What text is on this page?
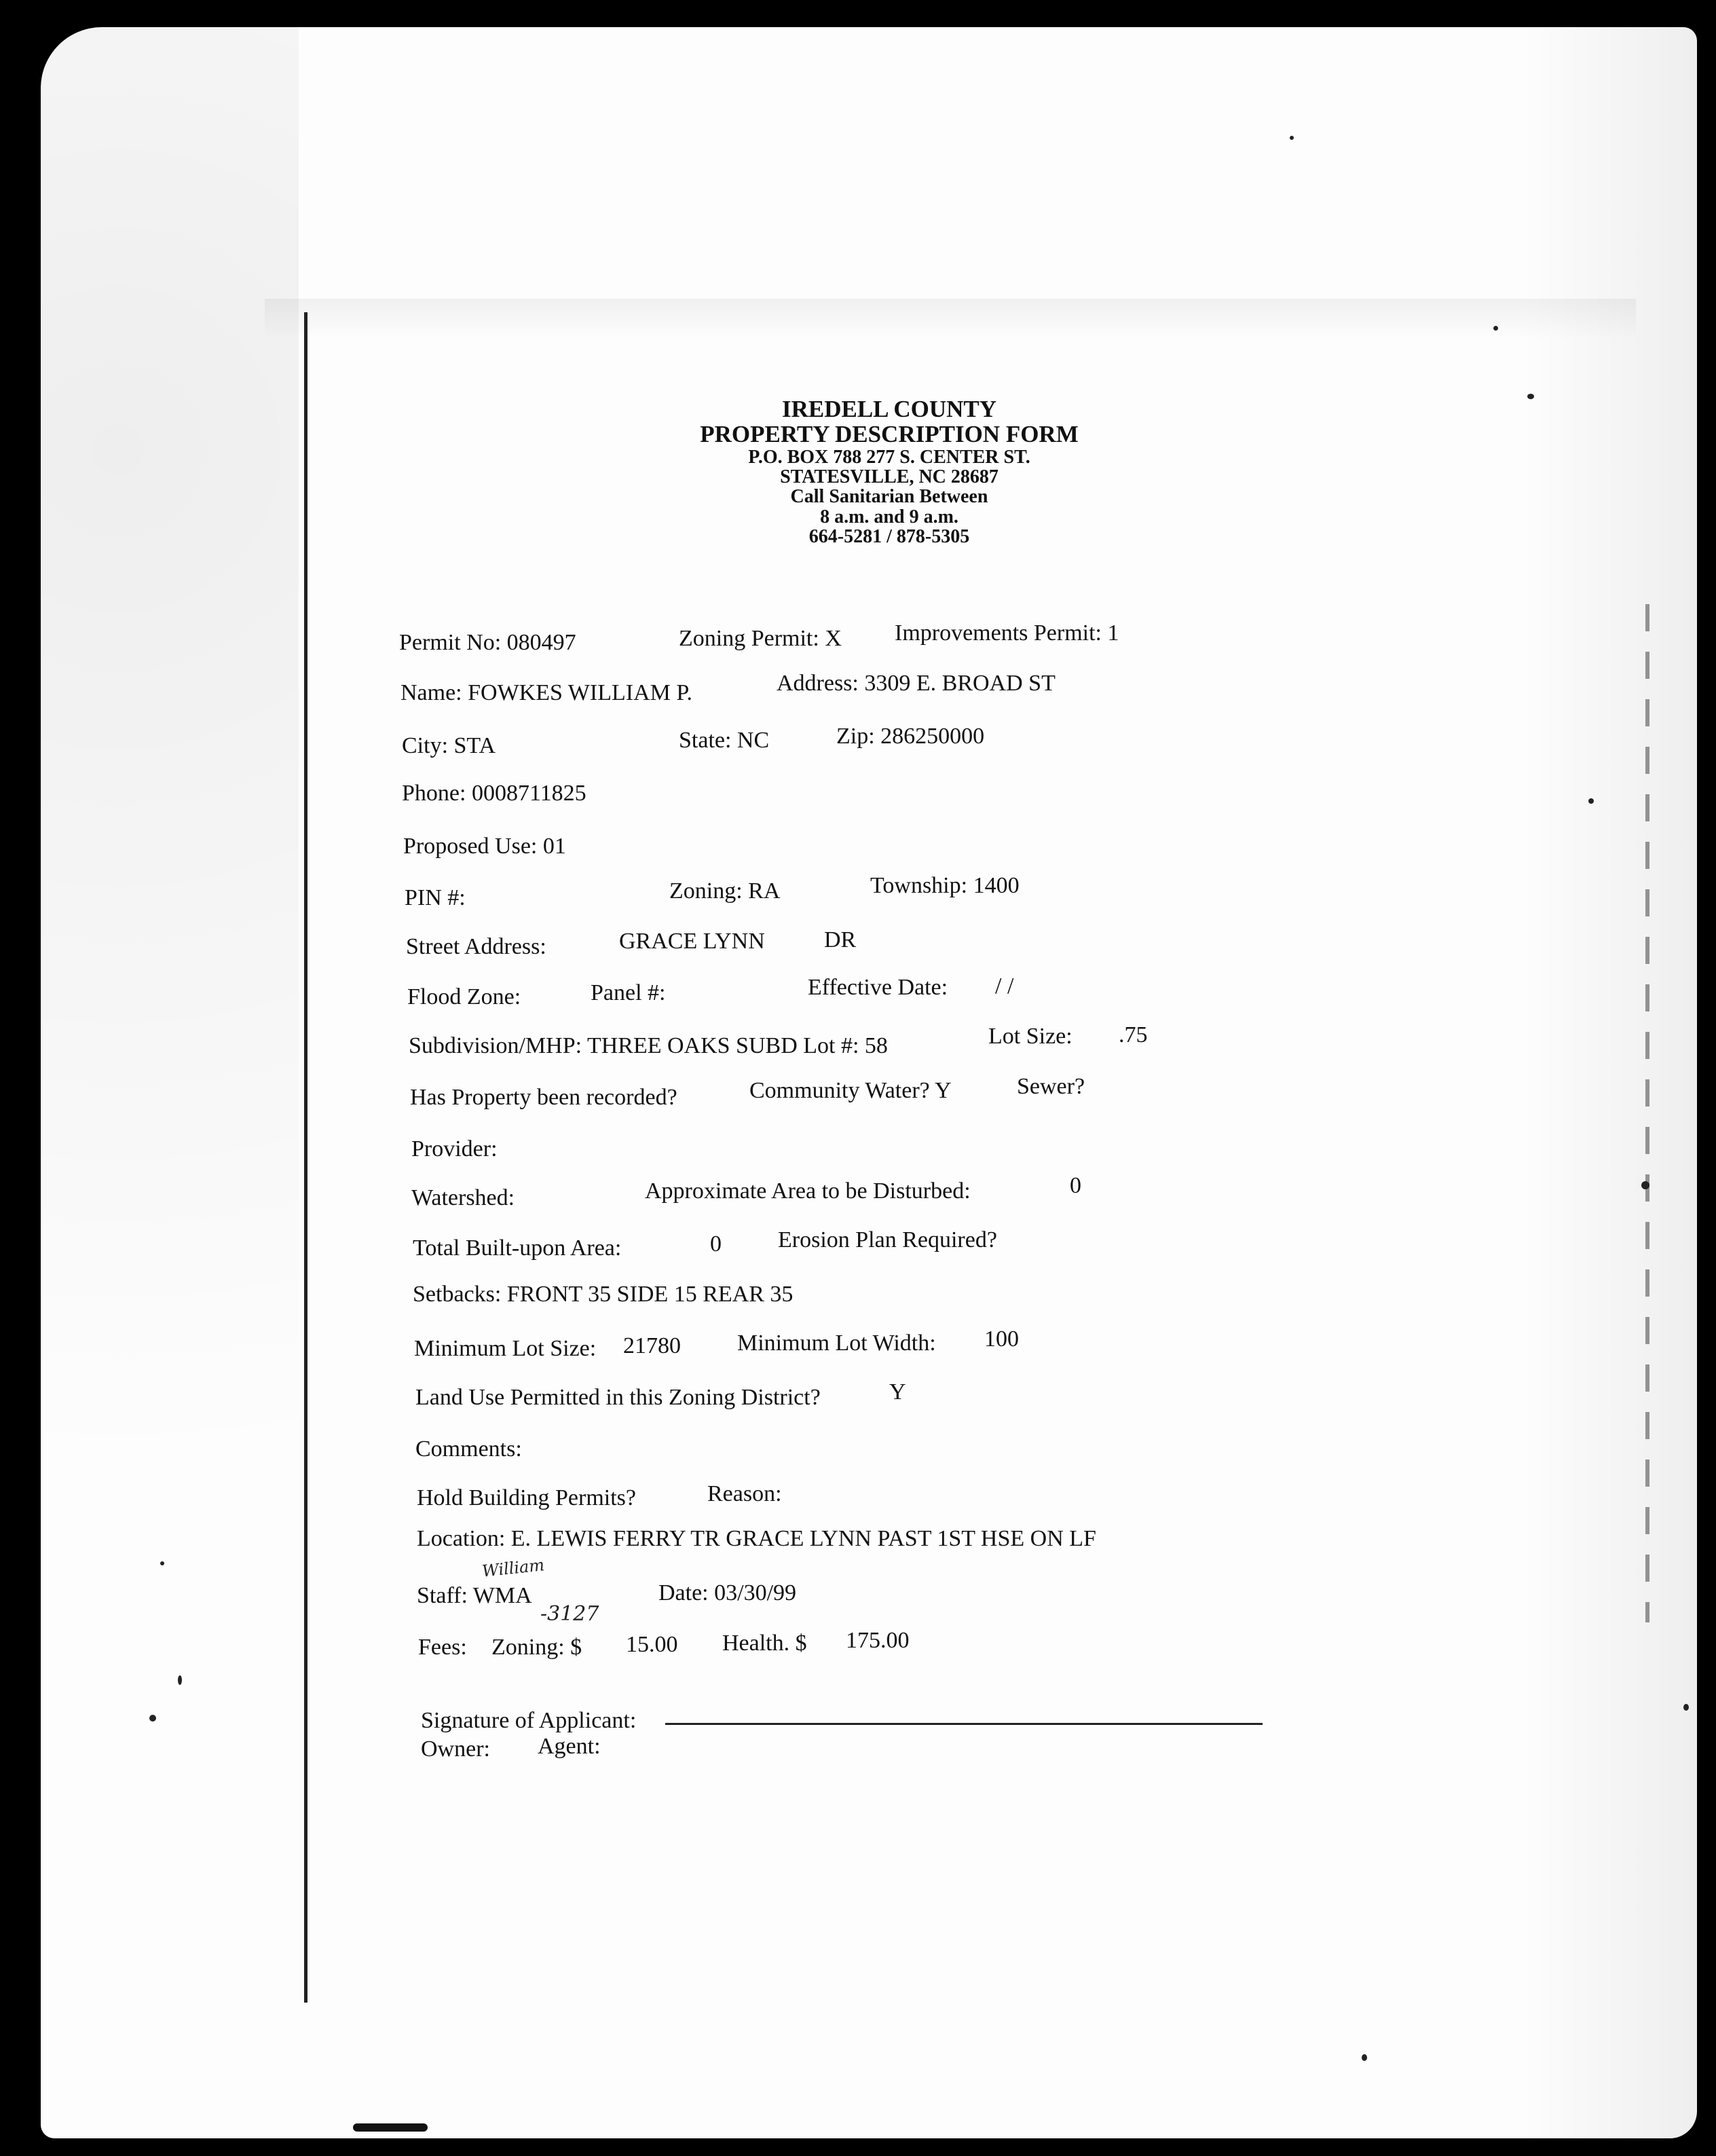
IREDELL COUNTY
PROPERTY DESCRIPTION FORM
P.O. BOX 788 277 S. CENTER ST.
STATESVILLE, NC 28687
Call Sanitarian Between
8 a.m. and 9 a.m.
664-5281 / 878-5305
Permit No: 080497	Zoning Permit: X Improvements Permit: 1
Name: FOWKES WILLIAM P.	Address: 3309 E. BROAD ST
City: STA	State: NC	Zip: 286250000
Phone: 0008711825
Proposed Use: 01
PIN #:	Zoning: RA	Township: 1400
Street Address:	GRACE LYNN	DR
Flood Zone:	Panel #:	Effective Date: / /
Subdivision/MHP: THREE OAKS SUBD Lot #: 58	Lot Size: .75
Has Property been recorded?	Community Water? Y	Sewer?
Provider:
Watershed:	Approximate Area to be Disturbed:	0
Total Built-upon Area:	0 Erosion Plan Required?
Setbacks: FRONT 35 SIDE 15 REAR 35
Minimum Lot Size: 21780 Minimum Lot Width: 100
Land Use Permitted in this Zoning District?	Y
Comments:
Hold Building Permits?	Reason:
Location: E. LEWIS FERRY TR GRACE LYNN PAST 1ST HSE ON LF
William
Staff: WMA
-3127
Date: 03/30/99
Fees: Zoning: $ 15.00 Health. $ 175.00
Signature of Applicant:
Owner: Agent:
